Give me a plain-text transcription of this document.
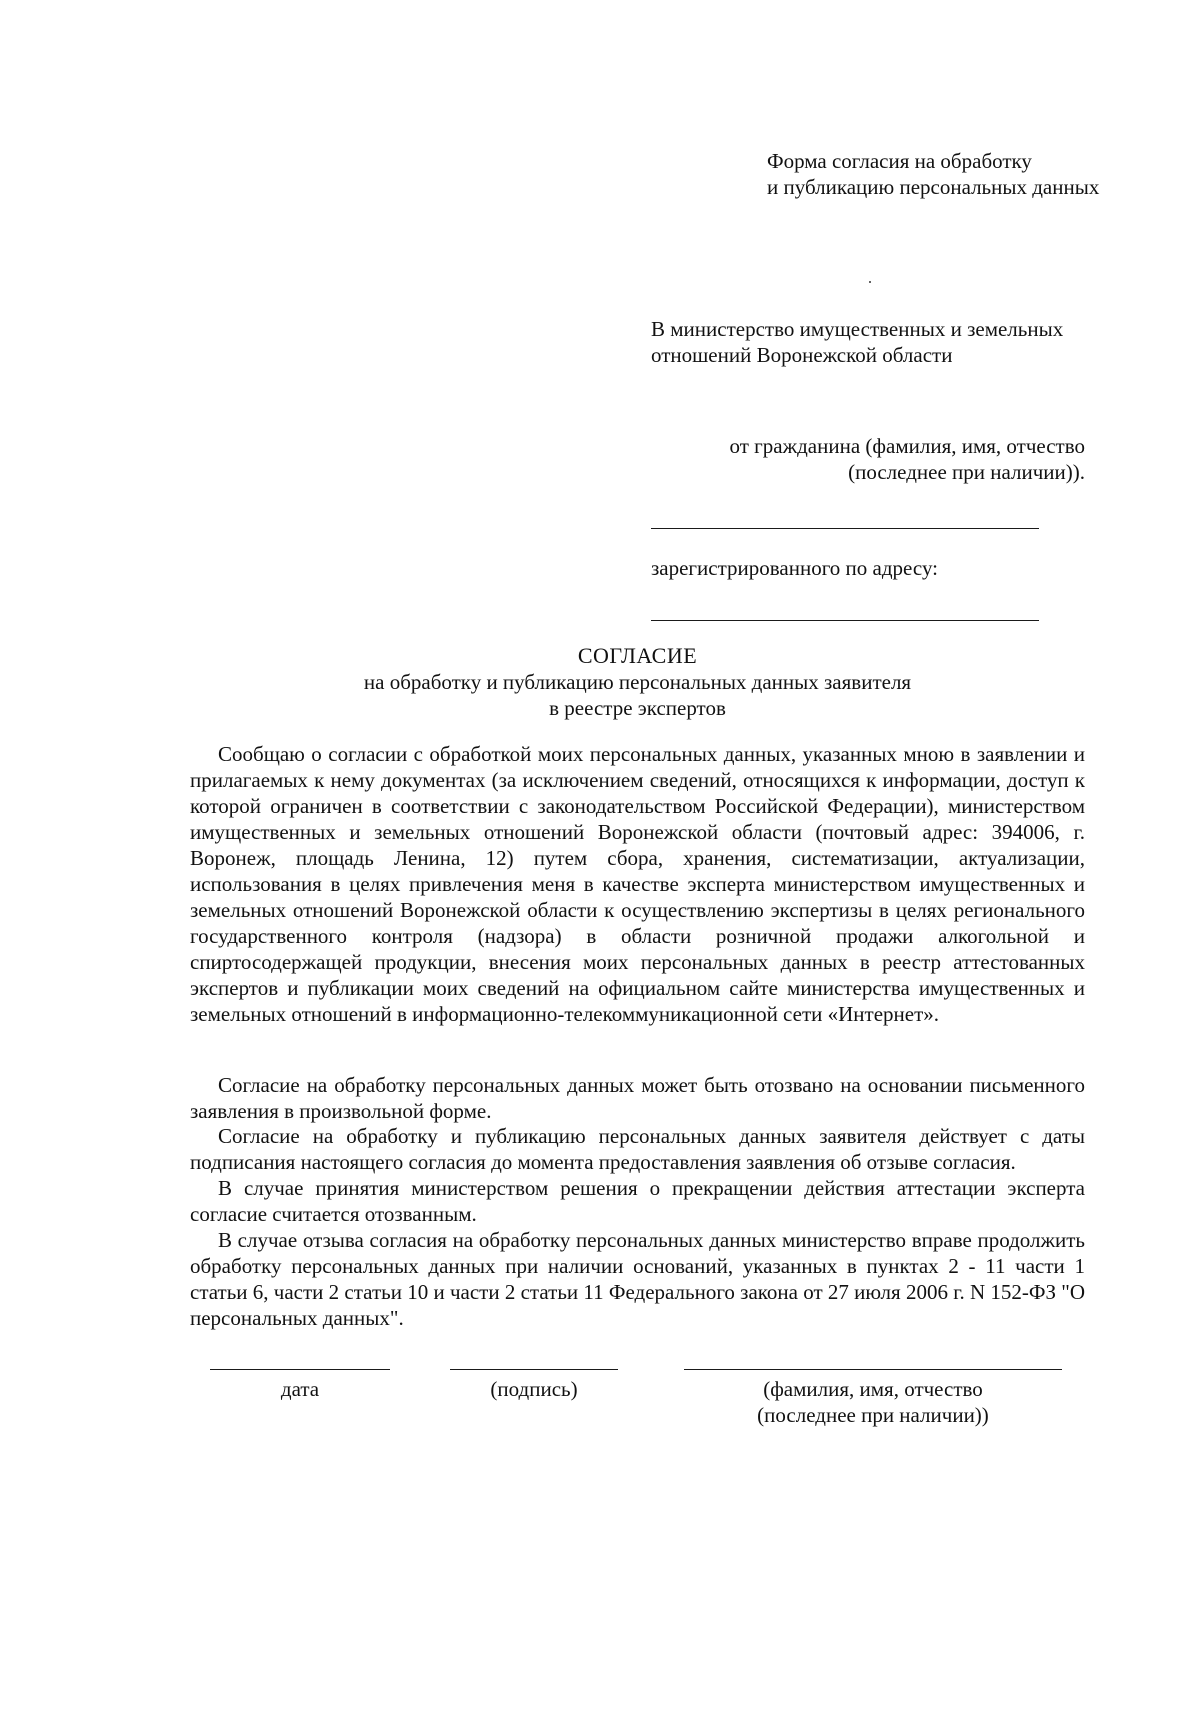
Форма согласия на обработку
и публикацию персональных данных
В министерство имущественных и земельных
отношений Воронежской области
от гражданина (фамилия, имя, отчество
(последнее при наличии)).
зарегистрированного по адресу:
СОГЛАСИЕ
на обработку и публикацию персональных данных заявителя
в реестре экспертов
Сообщаю о согласии с обработкой моих персональных данных, указанных мною в заявлении и прилагаемых к нему документах (за исключением сведений, относящихся к информации, доступ к которой ограничен в соответствии с законодательством Российской Федерации), министерством имущественных и земельных отношений Воронежской области (почтовый адрес: 394006, г. Воронеж, площадь Ленина, 12) путем сбора, хранения, систематизации, актуализации, использования в целях привлечения меня в качестве эксперта министерством имущественных и земельных отношений Воронежской области к осуществлению экспертизы в целях регионального государственного контроля (надзора) в области розничной продажи алкогольной и спиртосодержащей продукции, внесения моих персональных данных в реестр аттестованных экспертов и публикации моих сведений на официальном сайте министерства имущественных и земельных отношений в информационно-телекоммуникационной сети «Интернет».
Согласие на обработку персональных данных может быть отозвано на основании письменного заявления в произвольной форме.
Согласие на обработку и публикацию персональных данных заявителя действует с даты подписания настоящего согласия до момента предоставления заявления об отзыве согласия.
В случае принятия министерством решения о прекращении действия аттестации эксперта согласие считается отозванным.
В случае отзыва согласия на обработку персональных данных министерство вправе продолжить обработку персональных данных при наличии оснований, указанных в пунктах 2 - 11 части 1 статьи 6, части 2 статьи 10 и части 2 статьи 11 Федерального закона от 27 июля 2006 г. N 152-ФЗ "О персональных данных".
дата	(подпись)	(фамилия, имя, отчество
(последнее при наличии))
